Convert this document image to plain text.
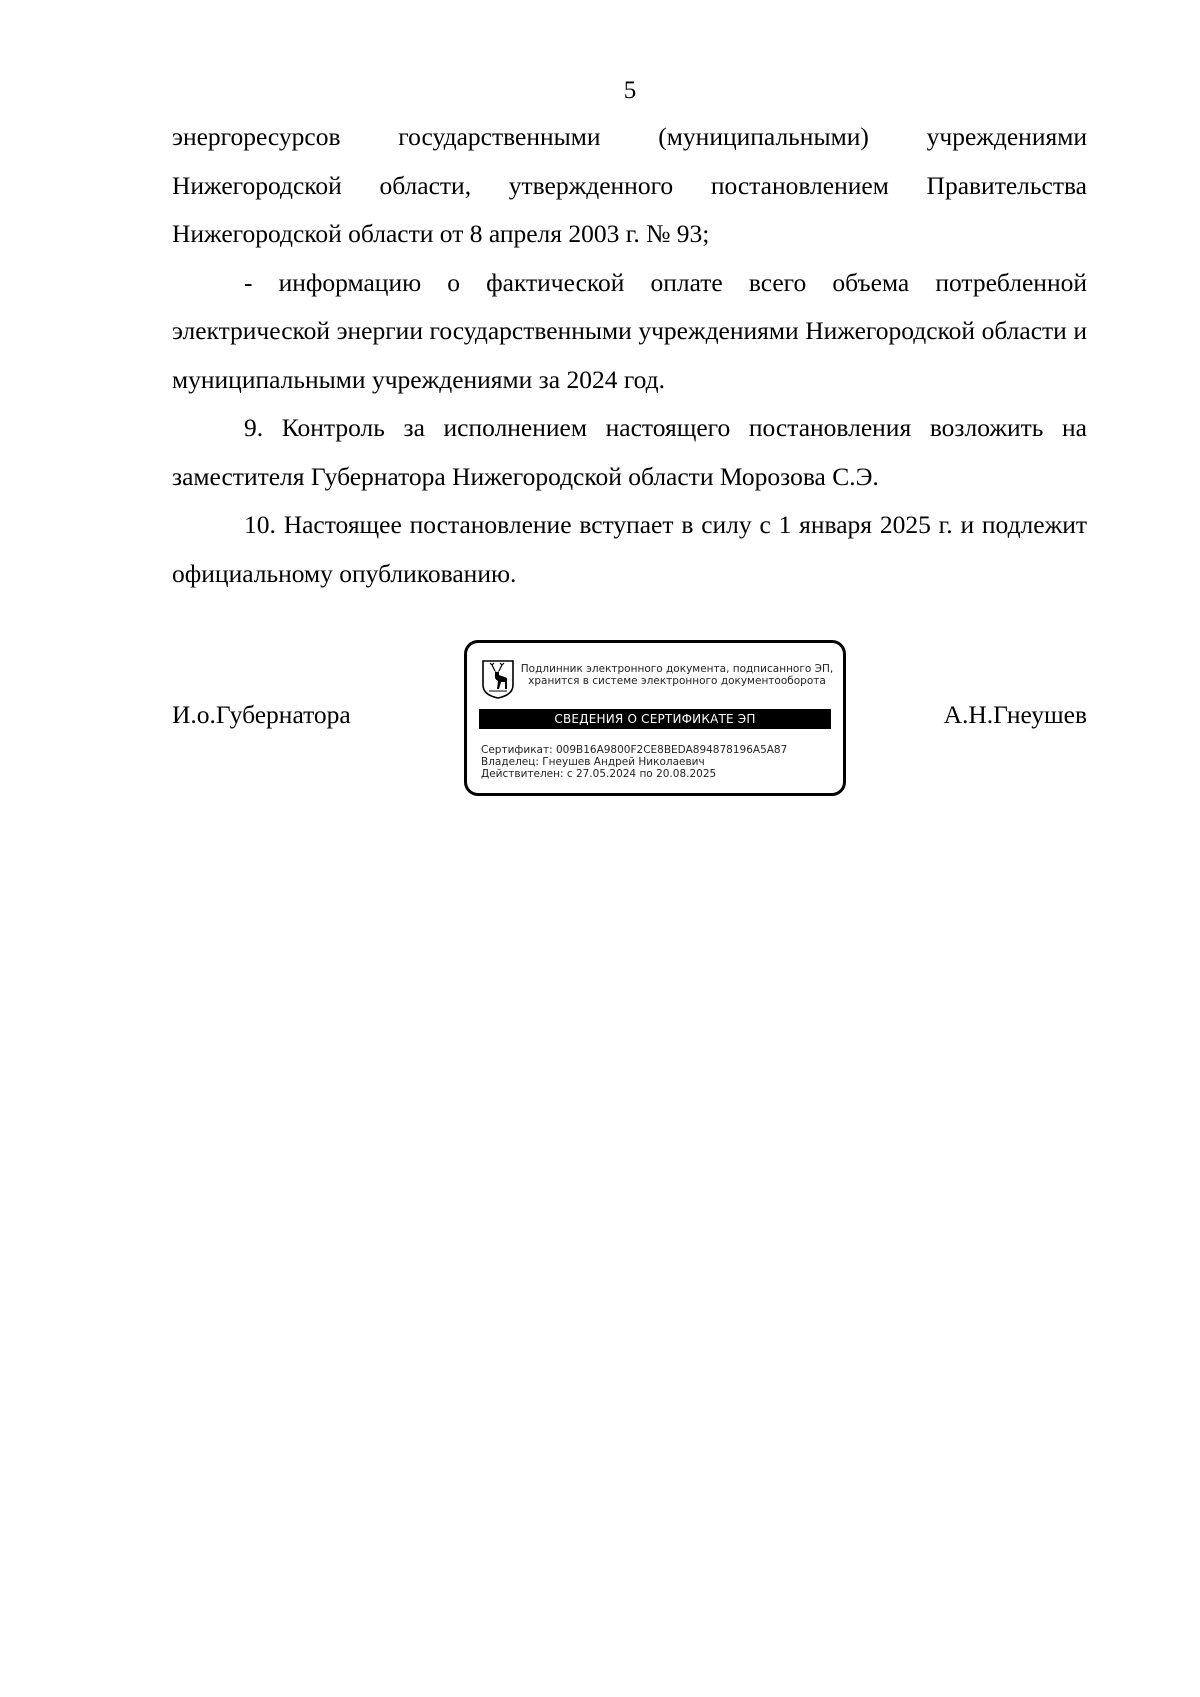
5

энергоресурсов государственными (муниципальными) учреждениями Нижегородской области, утвержденного постановлением Правительства Нижегородской области от 8 апреля 2003 г. № 93;

- информацию о фактической оплате всего объема потребленной электрической энергии государственными учреждениями Нижегородской области и муниципальными учреждениями за 2024 год.

9. Контроль за исполнением настоящего постановления возложить на заместителя Губернатора Нижегородской области Морозова С.Э.

10. Настоящее постановление вступает в силу с 1 января 2025 г. и подлежит официальному опубликованию.

И.о.Губернатора	А.Н.Гнеушев
Подлинник электронного документа, подписанного ЭП,
хранится в системе электронного документооборота
СВЕДЕНИЯ О СЕРТИФИКАТЕ ЭП
Сертификат: 009B16A9800F2CE8BEDA894878196A5A87
Владелец: Гнеушев Андрей Николаевич
Действителен: с 27.05.2024 по 20.08.2025
